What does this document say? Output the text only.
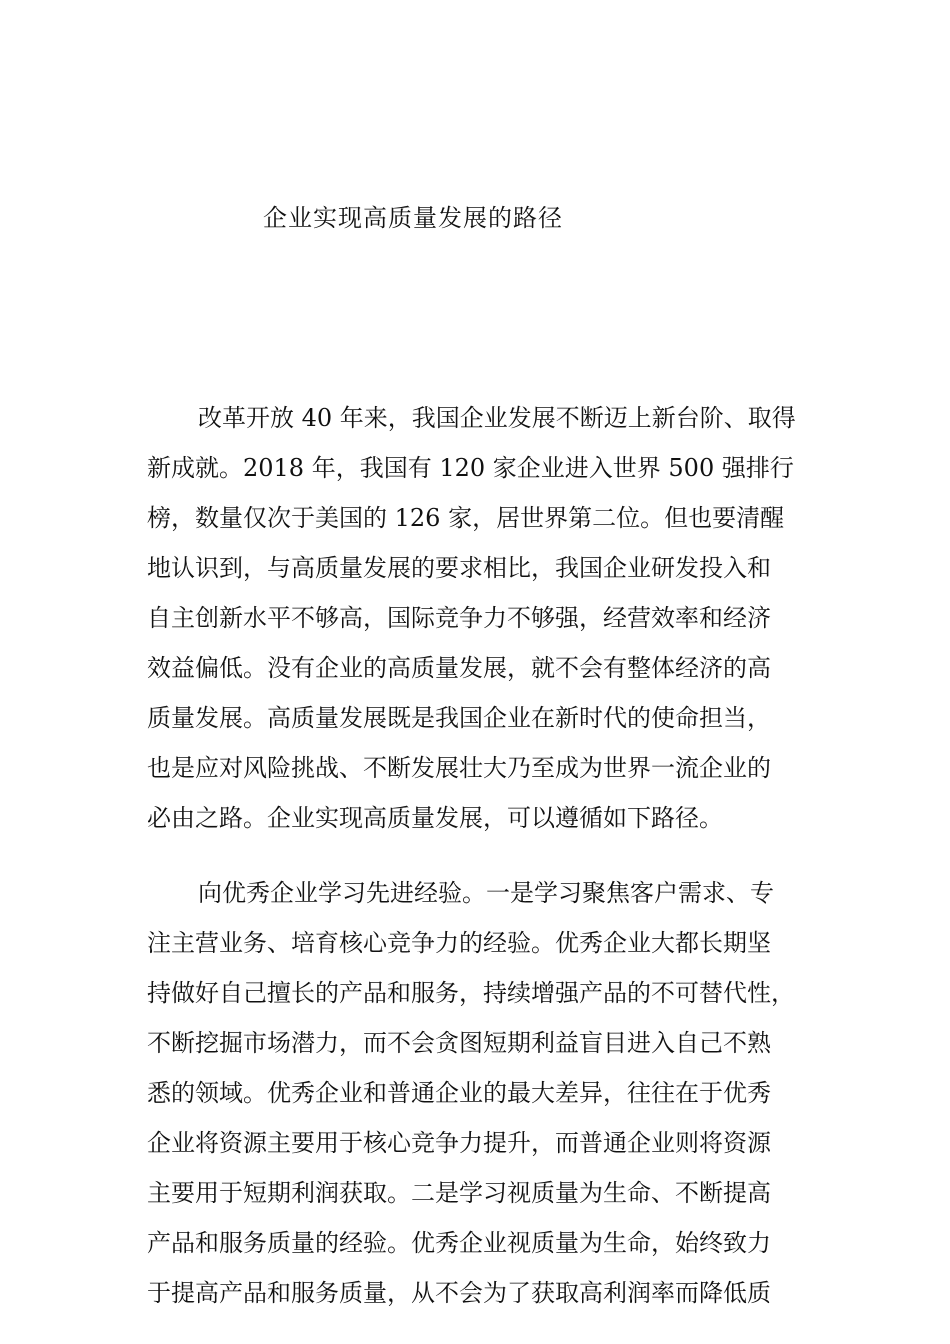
企业实现高质量发展的路径
改革开放 40 年来，我国企业发展不断迈上新台阶、取得
新成就。2018 年，我国有 120 家企业进入世界 500 强排行
榜，数量仅次于美国的 126 家，居世界第二位。但也要清醒
地认识到，与高质量发展的要求相比，我国企业研发投入和
自主创新水平不够高，国际竞争力不够强，经营效率和经济
效益偏低。没有企业的高质量发展，就不会有整体经济的高
质量发展。高质量发展既是我国企业在新时代的使命担当，
也是应对风险挑战、不断发展壮大乃至成为世界一流企业的
必由之路。企业实现高质量发展，可以遵循如下路径。
向优秀企业学习先进经验。一是学习聚焦客户需求、专
注主营业务、培育核心竞争力的经验。优秀企业大都长期坚
持做好自己擅长的产品和服务，持续增强产品的不可替代性，
不断挖掘市场潜力，而不会贪图短期利益盲目进入自己不熟
悉的领域。优秀企业和普通企业的最大差异，往往在于优秀
企业将资源主要用于核心竞争力提升，而普通企业则将资源
主要用于短期利润获取。二是学习视质量为生命、不断提高
产品和服务质量的经验。优秀企业视质量为生命，始终致力
于提高产品和服务质量，从不会为了获取高利润率而降低质
